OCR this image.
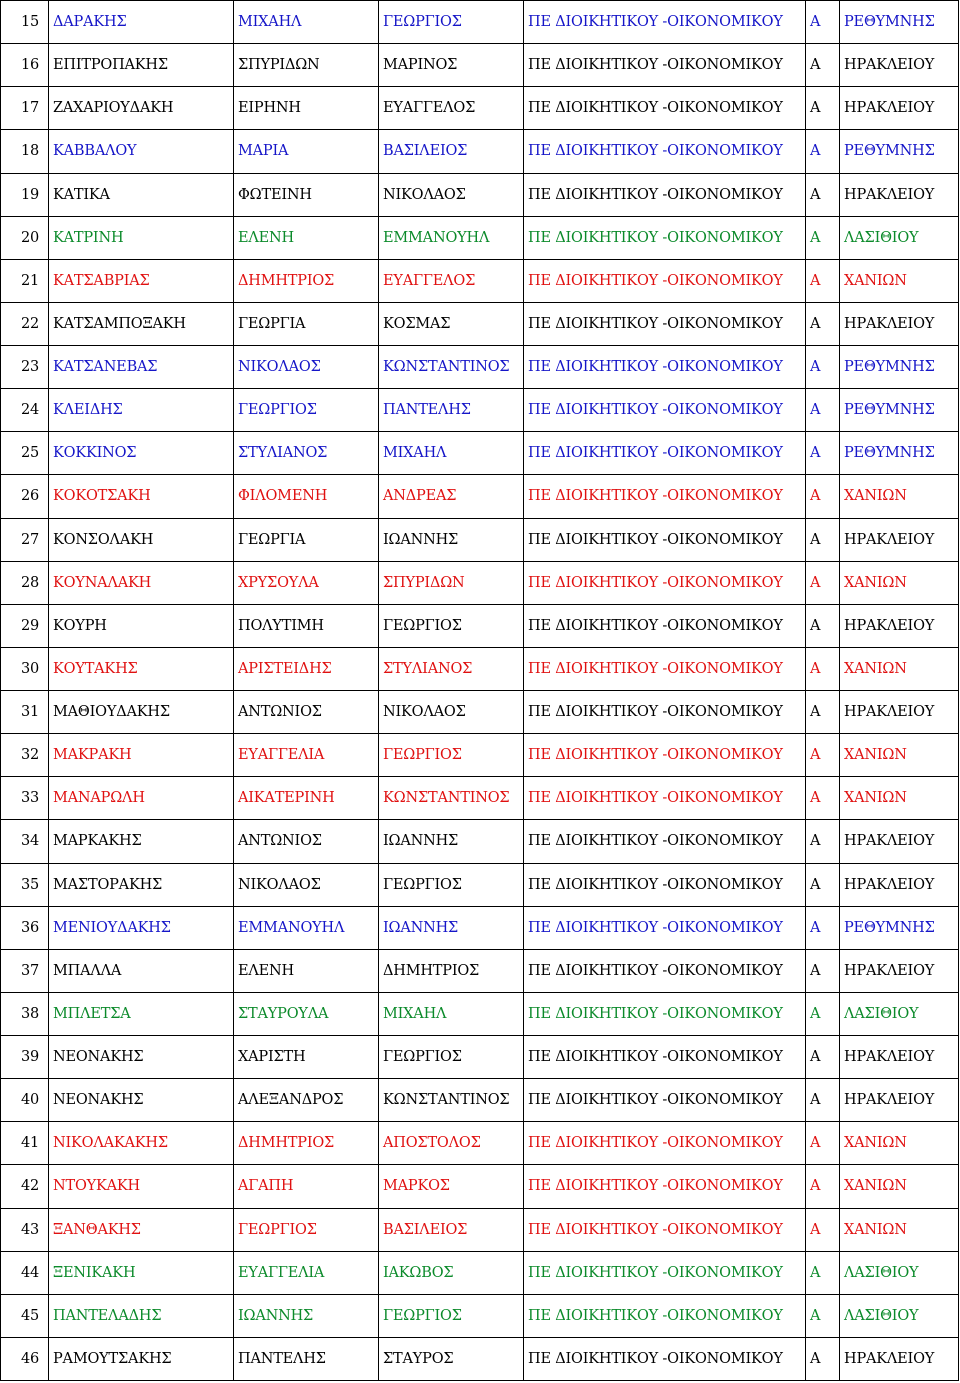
15	ΔΑΡΑΚΗΣ	ΜΙΧΑΗΛ	ΓΕΩΡΓΙΟΣ	ΠΕ ΔΙΟΙΚΗΤΙΚΟΥ -ΟΙΚΟΝΟΜΙΚΟΥ	Α	ΡΕΘΥΜΝΗΣ
16	ΕΠΙΤΡΟΠΑΚΗΣ	ΣΠΥΡΙΔΩΝ	ΜΑΡΙΝΟΣ	ΠΕ ΔΙΟΙΚΗΤΙΚΟΥ -ΟΙΚΟΝΟΜΙΚΟΥ	Α	ΗΡΑΚΛΕΙΟΥ
17	ΖΑΧΑΡΙΟΥΔΑΚΗ	ΕΙΡΗΝΗ	ΕΥΑΓΓΕΛΟΣ	ΠΕ ΔΙΟΙΚΗΤΙΚΟΥ -ΟΙΚΟΝΟΜΙΚΟΥ	Α	ΗΡΑΚΛΕΙΟΥ
18	ΚΑΒΒΑΛΟΥ	ΜΑΡΙΑ	ΒΑΣΙΛΕΙΟΣ	ΠΕ ΔΙΟΙΚΗΤΙΚΟΥ -ΟΙΚΟΝΟΜΙΚΟΥ	Α	ΡΕΘΥΜΝΗΣ
19	ΚΑΤΙΚΑ	ΦΩΤΕΙΝΗ	ΝΙΚΟΛΑΟΣ	ΠΕ ΔΙΟΙΚΗΤΙΚΟΥ -ΟΙΚΟΝΟΜΙΚΟΥ	Α	ΗΡΑΚΛΕΙΟΥ
20	ΚΑΤΡΙΝΗ	ΕΛΕΝΗ	ΕΜΜΑΝΟΥΗΛ	ΠΕ ΔΙΟΙΚΗΤΙΚΟΥ -ΟΙΚΟΝΟΜΙΚΟΥ	Α	ΛΑΣΙΘΙΟΥ
21	ΚΑΤΣΑΒΡΙΑΣ	ΔΗΜΗΤΡΙΟΣ	ΕΥΑΓΓΕΛΟΣ	ΠΕ ΔΙΟΙΚΗΤΙΚΟΥ -ΟΙΚΟΝΟΜΙΚΟΥ	Α	ΧΑΝΙΩΝ
22	ΚΑΤΣΑΜΠΟΞΑΚΗ	ΓΕΩΡΓΙΑ	ΚΟΣΜΑΣ	ΠΕ ΔΙΟΙΚΗΤΙΚΟΥ -ΟΙΚΟΝΟΜΙΚΟΥ	Α	ΗΡΑΚΛΕΙΟΥ
23	ΚΑΤΣΑΝΕΒΑΣ	ΝΙΚΟΛΑΟΣ	ΚΩΝΣΤΑΝΤΙΝΟΣ	ΠΕ ΔΙΟΙΚΗΤΙΚΟΥ -ΟΙΚΟΝΟΜΙΚΟΥ	Α	ΡΕΘΥΜΝΗΣ
24	ΚΛΕΙΔΗΣ	ΓΕΩΡΓΙΟΣ	ΠΑΝΤΕΛΗΣ	ΠΕ ΔΙΟΙΚΗΤΙΚΟΥ -ΟΙΚΟΝΟΜΙΚΟΥ	Α	ΡΕΘΥΜΝΗΣ
25	ΚΟΚΚΙΝΟΣ	ΣΤΥΛΙΑΝΟΣ	ΜΙΧΑΗΛ	ΠΕ ΔΙΟΙΚΗΤΙΚΟΥ -ΟΙΚΟΝΟΜΙΚΟΥ	Α	ΡΕΘΥΜΝΗΣ
26	ΚΟΚΟΤΣΑΚΗ	ΦΙΛΟΜΕΝΗ	ΑΝΔΡΕΑΣ	ΠΕ ΔΙΟΙΚΗΤΙΚΟΥ -ΟΙΚΟΝΟΜΙΚΟΥ	Α	ΧΑΝΙΩΝ
27	ΚΟΝΣΟΛΑΚΗ	ΓΕΩΡΓΙΑ	ΙΩΑΝΝΗΣ	ΠΕ ΔΙΟΙΚΗΤΙΚΟΥ -ΟΙΚΟΝΟΜΙΚΟΥ	Α	ΗΡΑΚΛΕΙΟΥ
28	ΚΟΥΝΑΛΑΚΗ	ΧΡΥΣΟΥΛΑ	ΣΠΥΡΙΔΩΝ	ΠΕ ΔΙΟΙΚΗΤΙΚΟΥ -ΟΙΚΟΝΟΜΙΚΟΥ	Α	ΧΑΝΙΩΝ
29	ΚΟΥΡΗ	ΠΟΛΥΤΙΜΗ	ΓΕΩΡΓΙΟΣ	ΠΕ ΔΙΟΙΚΗΤΙΚΟΥ -ΟΙΚΟΝΟΜΙΚΟΥ	Α	ΗΡΑΚΛΕΙΟΥ
30	ΚΟΥΤΑΚΗΣ	ΑΡΙΣΤΕΙΔΗΣ	ΣΤΥΛΙΑΝΟΣ	ΠΕ ΔΙΟΙΚΗΤΙΚΟΥ -ΟΙΚΟΝΟΜΙΚΟΥ	Α	ΧΑΝΙΩΝ
31	ΜΑΘΙΟΥΔΑΚΗΣ	ΑΝΤΩΝΙΟΣ	ΝΙΚΟΛΑΟΣ	ΠΕ ΔΙΟΙΚΗΤΙΚΟΥ -ΟΙΚΟΝΟΜΙΚΟΥ	Α	ΗΡΑΚΛΕΙΟΥ
32	ΜΑΚΡΑΚΗ	ΕΥΑΓΓΕΛΙΑ	ΓΕΩΡΓΙΟΣ	ΠΕ ΔΙΟΙΚΗΤΙΚΟΥ -ΟΙΚΟΝΟΜΙΚΟΥ	Α	ΧΑΝΙΩΝ
33	ΜΑΝΑΡΩΛΗ	ΑΙΚΑΤΕΡΙΝΗ	ΚΩΝΣΤΑΝΤΙΝΟΣ	ΠΕ ΔΙΟΙΚΗΤΙΚΟΥ -ΟΙΚΟΝΟΜΙΚΟΥ	Α	ΧΑΝΙΩΝ
34	ΜΑΡΚΑΚΗΣ	ΑΝΤΩΝΙΟΣ	ΙΩΑΝΝΗΣ	ΠΕ ΔΙΟΙΚΗΤΙΚΟΥ -ΟΙΚΟΝΟΜΙΚΟΥ	Α	ΗΡΑΚΛΕΙΟΥ
35	ΜΑΣΤΟΡΑΚΗΣ	ΝΙΚΟΛΑΟΣ	ΓΕΩΡΓΙΟΣ	ΠΕ ΔΙΟΙΚΗΤΙΚΟΥ -ΟΙΚΟΝΟΜΙΚΟΥ	Α	ΗΡΑΚΛΕΙΟΥ
36	ΜΕΝΙΟΥΔΑΚΗΣ	ΕΜΜΑΝΟΥΗΛ	ΙΩΑΝΝΗΣ	ΠΕ ΔΙΟΙΚΗΤΙΚΟΥ -ΟΙΚΟΝΟΜΙΚΟΥ	Α	ΡΕΘΥΜΝΗΣ
37	ΜΠΑΛΛΑ	ΕΛΕΝΗ	ΔΗΜΗΤΡΙΟΣ	ΠΕ ΔΙΟΙΚΗΤΙΚΟΥ -ΟΙΚΟΝΟΜΙΚΟΥ	Α	ΗΡΑΚΛΕΙΟΥ
38	ΜΠΛΕΤΣΑ	ΣΤΑΥΡΟΥΛΑ	ΜΙΧΑΗΛ	ΠΕ ΔΙΟΙΚΗΤΙΚΟΥ -ΟΙΚΟΝΟΜΙΚΟΥ	Α	ΛΑΣΙΘΙΟΥ
39	ΝΕΟΝΑΚΗΣ	ΧΑΡΙΣΤΗ	ΓΕΩΡΓΙΟΣ	ΠΕ ΔΙΟΙΚΗΤΙΚΟΥ -ΟΙΚΟΝΟΜΙΚΟΥ	Α	ΗΡΑΚΛΕΙΟΥ
40	ΝΕΟΝΑΚΗΣ	ΑΛΕΞΑΝΔΡΟΣ	ΚΩΝΣΤΑΝΤΙΝΟΣ	ΠΕ ΔΙΟΙΚΗΤΙΚΟΥ -ΟΙΚΟΝΟΜΙΚΟΥ	Α	ΗΡΑΚΛΕΙΟΥ
41	ΝΙΚΟΛΑΚΑΚΗΣ	ΔΗΜΗΤΡΙΟΣ	ΑΠΟΣΤΟΛΟΣ	ΠΕ ΔΙΟΙΚΗΤΙΚΟΥ -ΟΙΚΟΝΟΜΙΚΟΥ	Α	ΧΑΝΙΩΝ
42	ΝΤΟΥΚΑΚΗ	ΑΓΑΠΗ	ΜΑΡΚΟΣ	ΠΕ ΔΙΟΙΚΗΤΙΚΟΥ -ΟΙΚΟΝΟΜΙΚΟΥ	Α	ΧΑΝΙΩΝ
43	ΞΑΝΘΑΚΗΣ	ΓΕΩΡΓΙΟΣ	ΒΑΣΙΛΕΙΟΣ	ΠΕ ΔΙΟΙΚΗΤΙΚΟΥ -ΟΙΚΟΝΟΜΙΚΟΥ	Α	ΧΑΝΙΩΝ
44	ΞΕΝΙΚΑΚΗ	ΕΥΑΓΓΕΛΙΑ	ΙΑΚΩΒΟΣ	ΠΕ ΔΙΟΙΚΗΤΙΚΟΥ -ΟΙΚΟΝΟΜΙΚΟΥ	Α	ΛΑΣΙΘΙΟΥ
45	ΠΑΝΤΕΛΑΔΗΣ	ΙΩΑΝΝΗΣ	ΓΕΩΡΓΙΟΣ	ΠΕ ΔΙΟΙΚΗΤΙΚΟΥ -ΟΙΚΟΝΟΜΙΚΟΥ	Α	ΛΑΣΙΘΙΟΥ
46	ΡΑΜΟΥΤΣΑΚΗΣ	ΠΑΝΤΕΛΗΣ	ΣΤΑΥΡΟΣ	ΠΕ ΔΙΟΙΚΗΤΙΚΟΥ -ΟΙΚΟΝΟΜΙΚΟΥ	Α	ΗΡΑΚΛΕΙΟΥ
